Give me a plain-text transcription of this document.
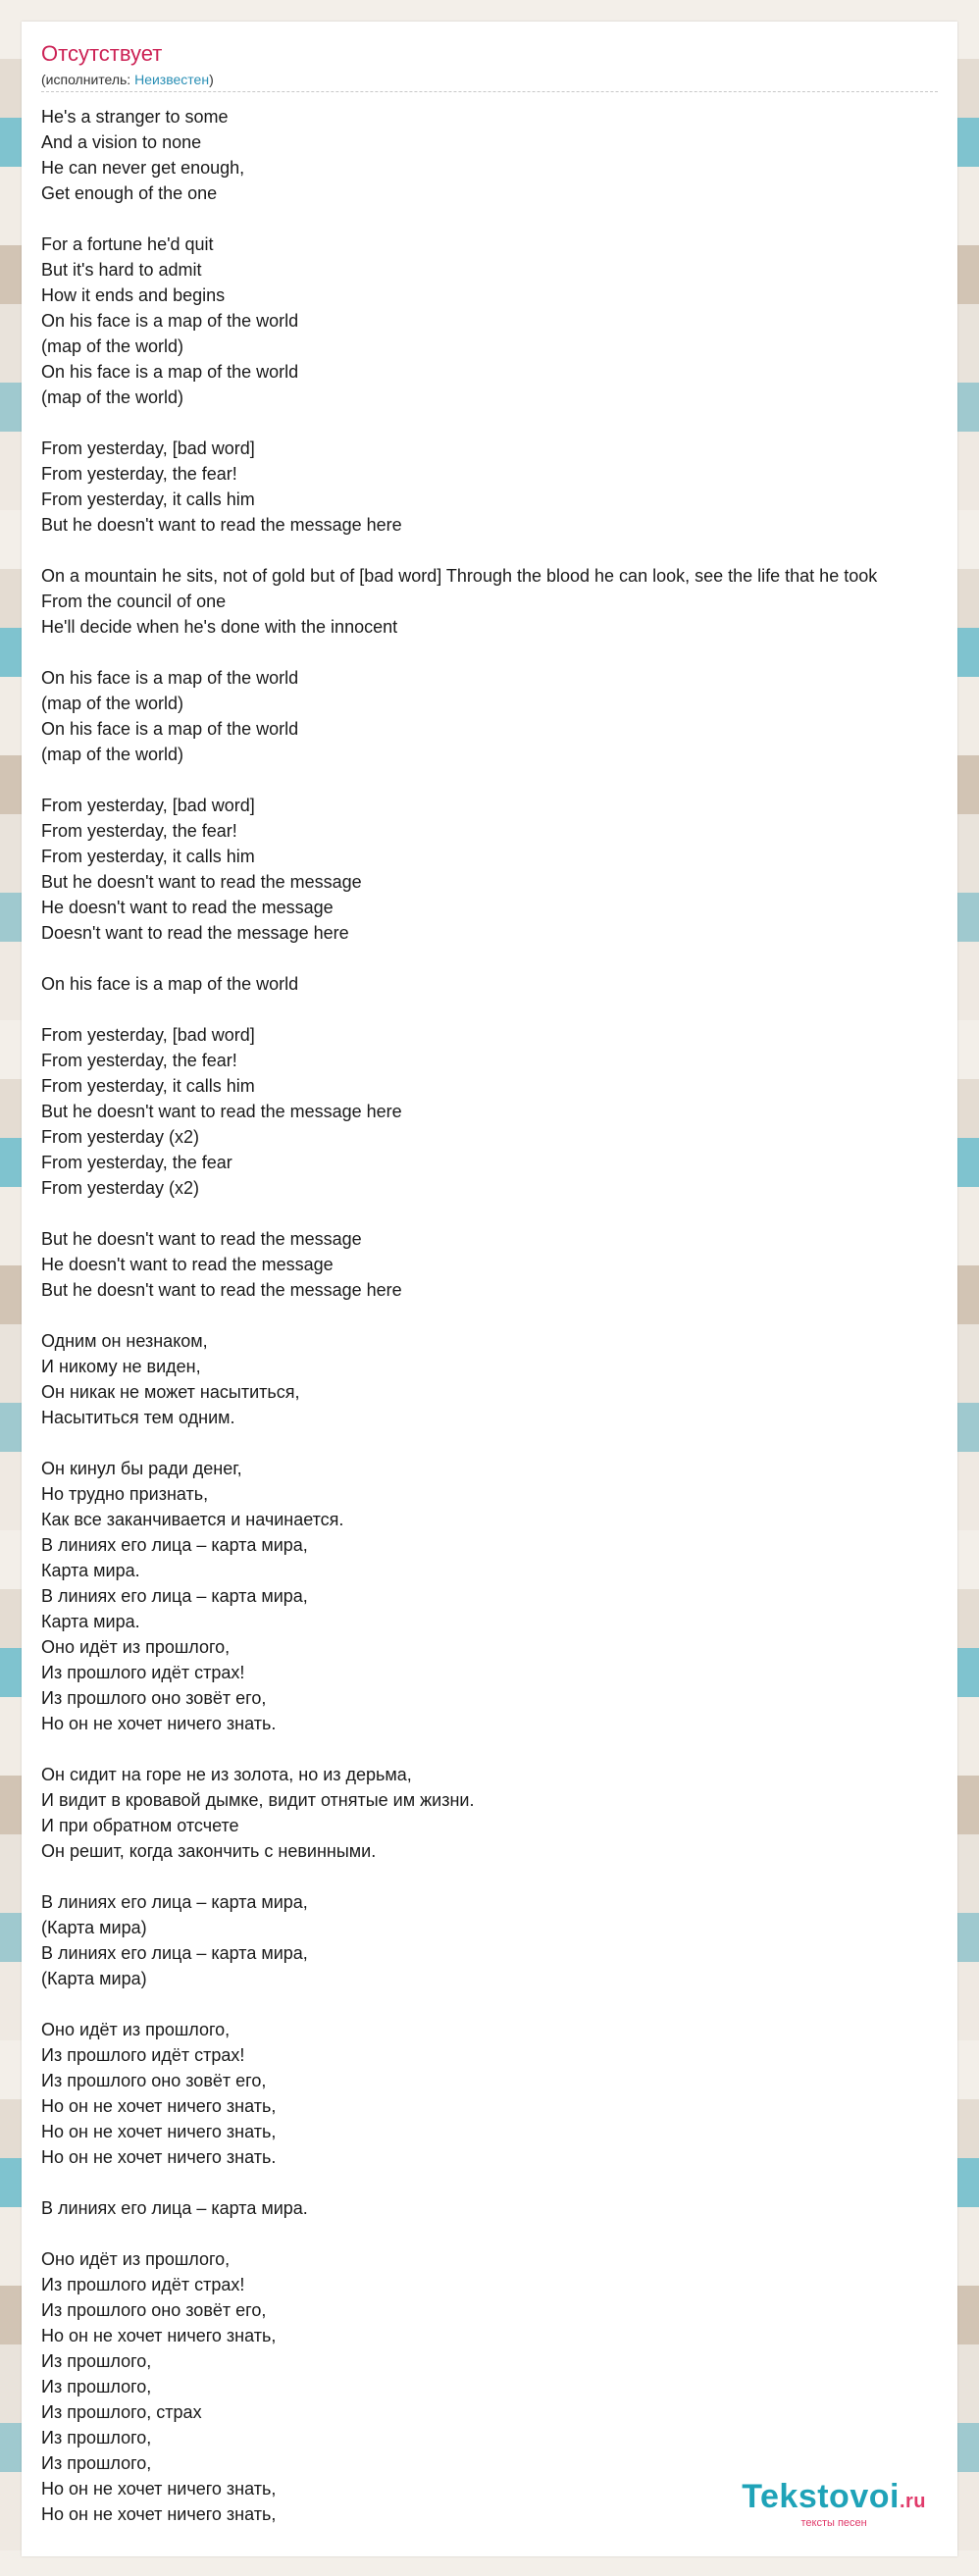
Отсутствует
(исполнитель: Неизвестен)
He's a stranger to some
And a vision to none
He can never get enough,
Get enough of the one
For a fortune he'd quit
But it's hard to admit
How it ends and begins
On his face is a map of the world
(map of the world)
On his face is a map of the world
(map of the world)
From yesterday, [bad word]
From yesterday, the fear!
From yesterday, it calls him
But he doesn't want to read the message here
On a mountain he sits, not of gold but of [bad word] Through the blood he can look, see the life that he took
From the council of one
He'll decide when he's done with the innocent
On his face is a map of the world
(map of the world)
On his face is a map of the world
(map of the world)
From yesterday, [bad word]
From yesterday, the fear!
From yesterday, it calls him
But he doesn't want to read the message
He doesn't want to read the message
Doesn't want to read the message here
On his face is a map of the world
From yesterday, [bad word]
From yesterday, the fear!
From yesterday, it calls him
But he doesn't want to read the message here
From yesterday (x2)
From yesterday, the fear
From yesterday (x2)
But he doesn't want to read the message
He doesn't want to read the message
But he doesn't want to read the message here
Одним он незнаком,
И никому не виден,
Он никак не может насытиться,
Насытиться тем одним.
Он кинул бы ради денег,
Но трудно признать,
Как все заканчивается и начинается.
В линиях его лица – карта мира,
Карта мира.
В линиях его лица – карта мира,
Карта мира.
Оно идёт из прошлого,
Из прошлого идёт страх!
Из прошлого оно зовёт его,
Но он не хочет ничего знать.
Он сидит на горе не из золота, но из дерьма,
И видит в кровавой дымке, видит отнятые им жизни.
И при обратном отсчете
Он решит, когда закончить с невинными.
В линиях его лица – карта мира,
(Карта мира)
В линиях его лица – карта мира,
(Карта мира)
Оно идёт из прошлого,
Из прошлого идёт страх!
Из прошлого оно зовёт его,
Но он не хочет ничего знать,
Но он не хочет ничего знать,
Но он не хочет ничего знать.
В линиях его лица – карта мира.
Оно идёт из прошлого,
Из прошлого идёт страх!
Из прошлого оно зовёт его,
Но он не хочет ничего знать,
Из прошлого,
Из прошлого,
Из прошлого, страх
Из прошлого,
Из прошлого,
Но он не хочет ничего знать,
Но он не хочет ничего знать,	Tekstovoi.ru
тексты песен
